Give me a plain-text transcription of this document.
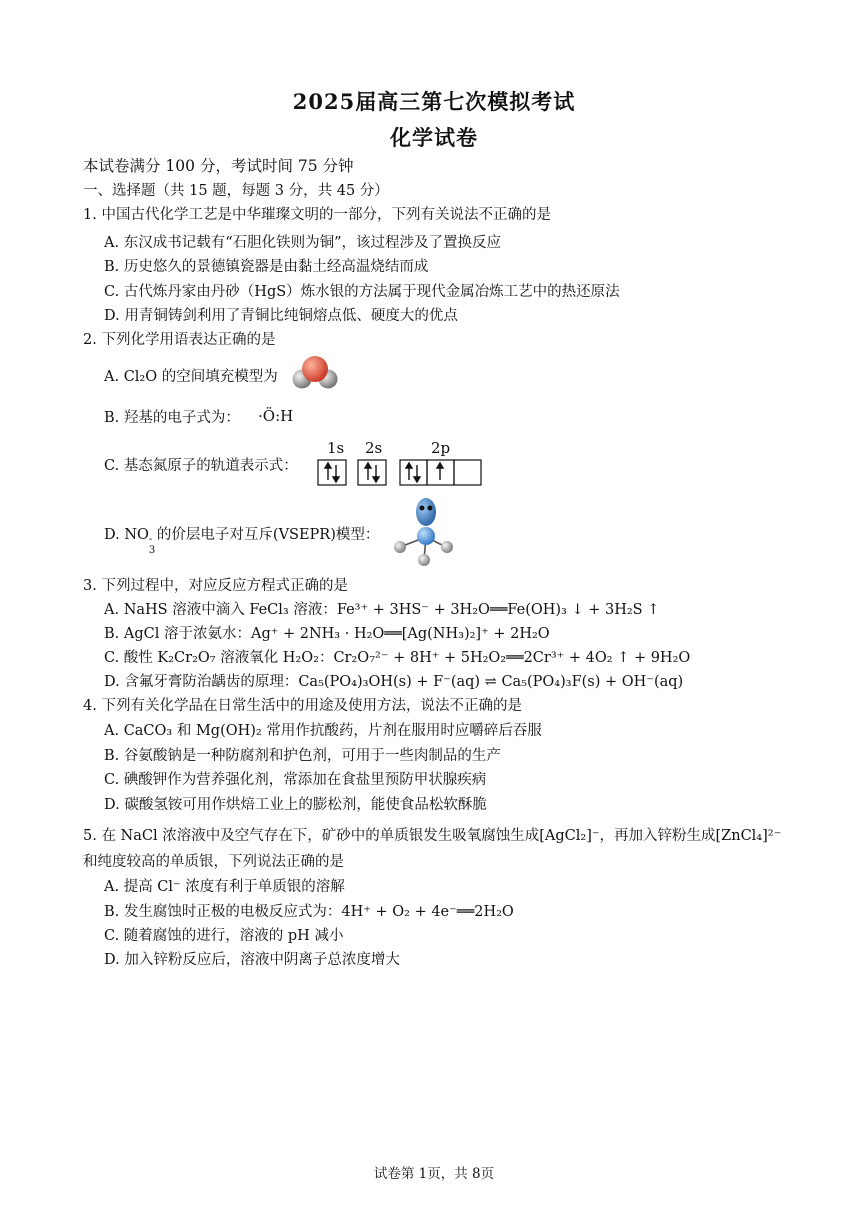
2025届高三第七次模拟考试
化学试卷
本试卷满分 100 分，考试时间 75 分钟
一、选择题（共 15 题，每题 3 分，共 45 分）
1. 中国古代化学工艺是中华璀璨文明的一部分，下列有关说法不正确的是
A. 东汉成书记载有“石胆化铁则为铜”，该过程涉及了置换反应
B. 历史悠久的景德镇瓷器是由黏土经高温烧结而成
C. 古代炼丹家由丹砂（HgS）炼水银的方法属于现代金属冶炼工艺中的热还原法
D. 用青铜铸剑利用了青铜比纯铜熔点低、硬度大的优点
2. 下列化学用语表达正确的是
A. Cl₂O 的空间填充模型为
B. 羟基的电子式为： ·Ö:H
C. 基态氮原子的轨道表示式：
1s 2s	2p
D. NO -
3
的价层电子对互斥(VSEPR)模型：
3. 下列过程中，对应反应方程式正确的是
A. NaHS 溶液中滴入 FeCl₃ 溶液：Fe³⁺ + 3HS⁻ + 3H₂O══Fe(OH)₃ ↓ + 3H₂S ↑
B. AgCl 溶于浓氨水：Ag⁺ + 2NH₃ · H₂O══[Ag(NH₃)₂]⁺ + 2H₂O
C. 酸性 K₂Cr₂O₇ 溶液氧化 H₂O₂：Cr₂O₇²⁻ + 8H⁺ + 5H₂O₂══2Cr³⁺ + 4O₂ ↑ + 9H₂O
D. 含氟牙膏防治龋齿的原理：Ca₅(PO₄)₃OH(s) + F⁻(aq) ⇌ Ca₅(PO₄)₃F(s) + OH⁻(aq)
4. 下列有关化学品在日常生活中的用途及使用方法，说法不正确的是
A. CaCO₃ 和 Mg(OH)₂ 常用作抗酸药，片剂在服用时应嚼碎后吞服
B. 谷氨酸钠是一种防腐剂和护色剂，可用于一些肉制品的生产
C. 碘酸钾作为营养强化剂，常添加在食盐里预防甲状腺疾病
D. 碳酸氢铵可用作烘焙工业上的膨松剂，能使食品松软酥脆
5. 在 NaCl 浓溶液中及空气存在下，矿砂中的单质银发生吸氧腐蚀生成[AgCl₂]⁻，再加入锌粉生成[ZnCl₄]²⁻
和纯度较高的单质银，下列说法正确的是
A. 提高 Cl⁻ 浓度有利于单质银的溶解
B. 发生腐蚀时正极的电极反应式为：4H⁺ + O₂ + 4e⁻══2H₂O
C. 随着腐蚀的进行，溶液的 pH 减小
D. 加入锌粉反应后，溶液中阴离子总浓度增大
试卷第 1页，共 8页
